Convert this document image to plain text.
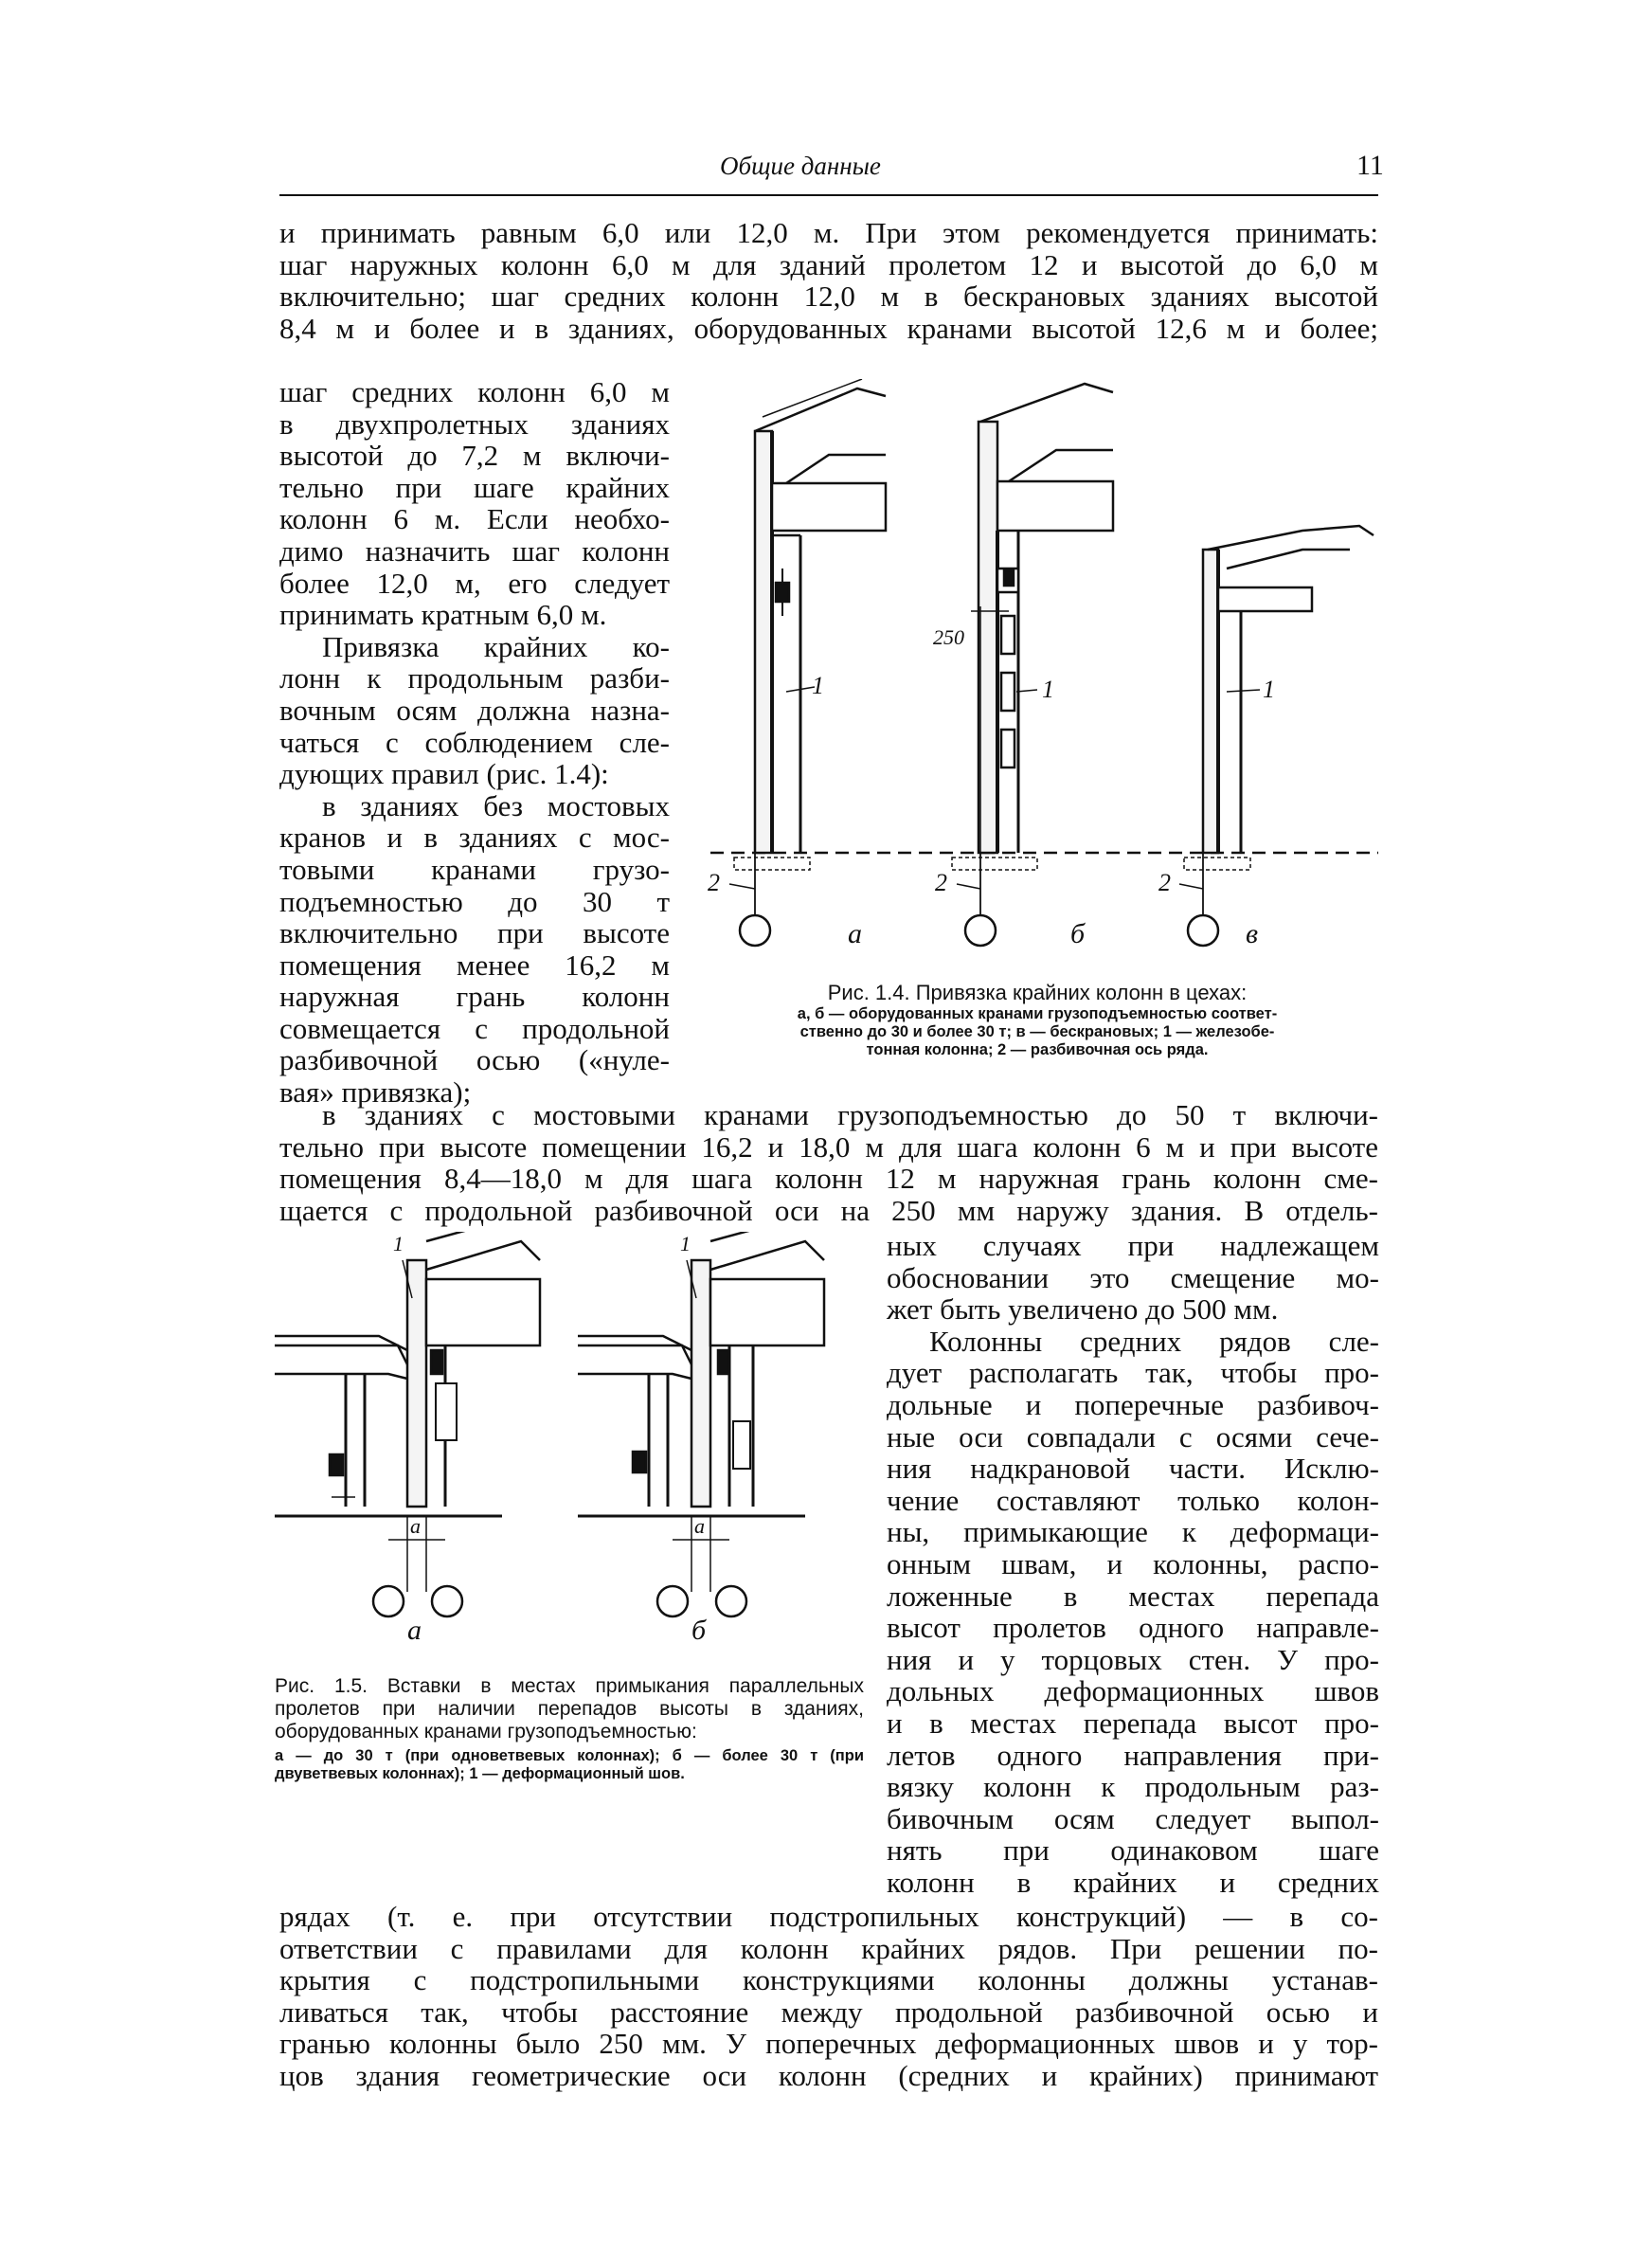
Общие данные	11
и принимать равным 6,0 или 12,0 м. При этом рекомендуется принимать:
шаг наружных колонн 6,0 м для зданий пролетом 12 и высотой до 6,0 м
включительно; шаг средних колонн 12,0 м в бескрановых зданиях высотой
8,4 м и более и в зданиях, оборудованных кранами высотой 12,6 м и более;
шаг средних колонн 6,0 м
в двухпролетных зданиях
высотой до 7,2 м включи-
тельно при шаге крайних
колонн 6 м. Если необхо-
димо назначить шаг колонн
более 12,0 м, его следует
принимать кратным 6,0 м.
Привязка крайних ко-
лонн к продольным разби-
вочным осям должна назна-
чаться с соблюдением сле-
дующих правил (рис. 1.4):
в зданиях без мостовых
кранов и в зданиях с мос-
товыми кранами грузо-
подъемностью до 30 т
включительно при высоте
помещения менее 16,2 м
наружная грань колонн
совмещается с продольной
разбивочной осью («нуле-
вая» привязка);
1	1	1
2	2	2
250
а	б	в
Рис. 1.4. Привязка крайних колонн в цехах:
а, б — оборудованных кранами грузоподъемностью соответ-
ственно до 30 и более 30 т; в — бескрановых; 1 — железобе-
тонная колонна; 2 — разбивочная ось ряда.
в зданиях с мостовыми кранами грузоподъемностью до 50 т включи-
тельно при высоте помещении 16,2 и 18,0 м для шага колонн 6 м и при высоте
помещения 8,4—18,0 м для шага колонн 12 м наружная грань колонн сме-
щается с продольной разбивочной оси на 250 мм наружу здания. В отдель-
1	1
а	а
а	б
Рис. 1.5. Вставки в местах примыкания параллельных пролетов при наличии перепадов высоты в зданиях, оборудованных кранами грузоподъемностью:
а — до 30 т (при одноветвевых колоннах); б — более 30 т (при двуветвевых колоннах); 1 — деформационный шов.
ных случаях при надлежащем
обосновании это смещение мо-
жет быть увеличено до 500 мм.
Колонны средних рядов сле-
дует располагать так, чтобы про-
дольные и поперечные разбивоч-
ные оси совпадали с осями сече-
ния надкрановой части. Исклю-
чение составляют только колон-
ны, примыкающие к деформаци-
онным швам, и колонны, распо-
ложенные в местах перепада
высот пролетов одного направле-
ния и у торцовых стен. У про-
дольных деформационных швов
и в местах перепада высот про-
летов одного направления при-
вязку колонн к продольным раз-
бивочным осям следует выпол-
нять при одинаковом шаге
колонн в крайних и средних
рядах (т. е. при отсутствии подстропильных конструкций) — в со-
ответствии с правилами для колонн крайних рядов. При решении по-
крытия с подстропильными конструкциями колонны должны устанав-
ливаться так, чтобы расстояние между продольной разбивочной осью и
гранью колонны было 250 мм. У поперечных деформационных швов и у тор-
цов здания геометрические оси колонн (средних и крайних) принимают
